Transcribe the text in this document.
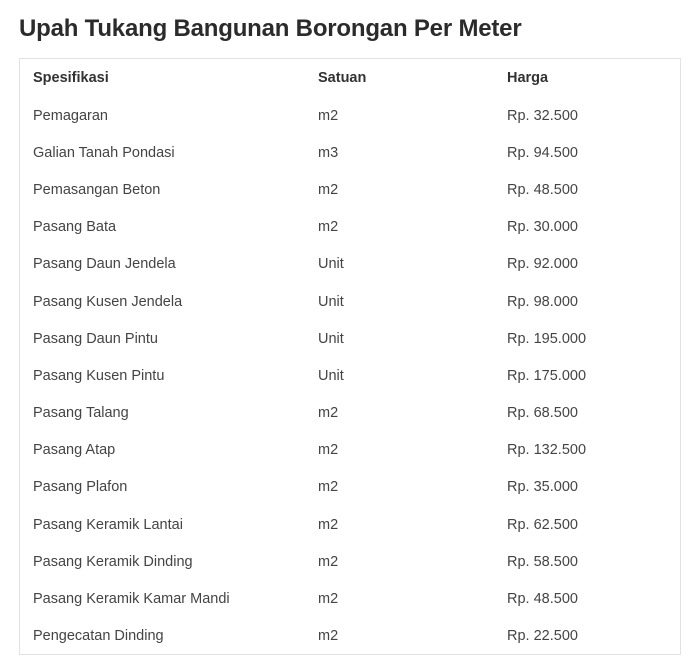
Upah Tukang Bangunan Borongan Per Meter
Spesifikasi	Satuan	Harga
Pemagaran	m2	Rp. 32.500
Galian Tanah Pondasi	m3	Rp. 94.500
Pemasangan Beton	m2	Rp. 48.500
Pasang Bata	m2	Rp. 30.000
Pasang Daun Jendela	Unit	Rp. 92.000
Pasang Kusen Jendela	Unit	Rp. 98.000
Pasang Daun Pintu	Unit	Rp. 195.000
Pasang Kusen Pintu	Unit	Rp. 175.000
Pasang Talang	m2	Rp. 68.500
Pasang Atap	m2	Rp. 132.500
Pasang Plafon	m2	Rp. 35.000
Pasang Keramik Lantai	m2	Rp. 62.500
Pasang Keramik Dinding	m2	Rp. 58.500
Pasang Keramik Kamar Mandi	m2	Rp. 48.500
Pengecatan Dinding	m2	Rp. 22.500
